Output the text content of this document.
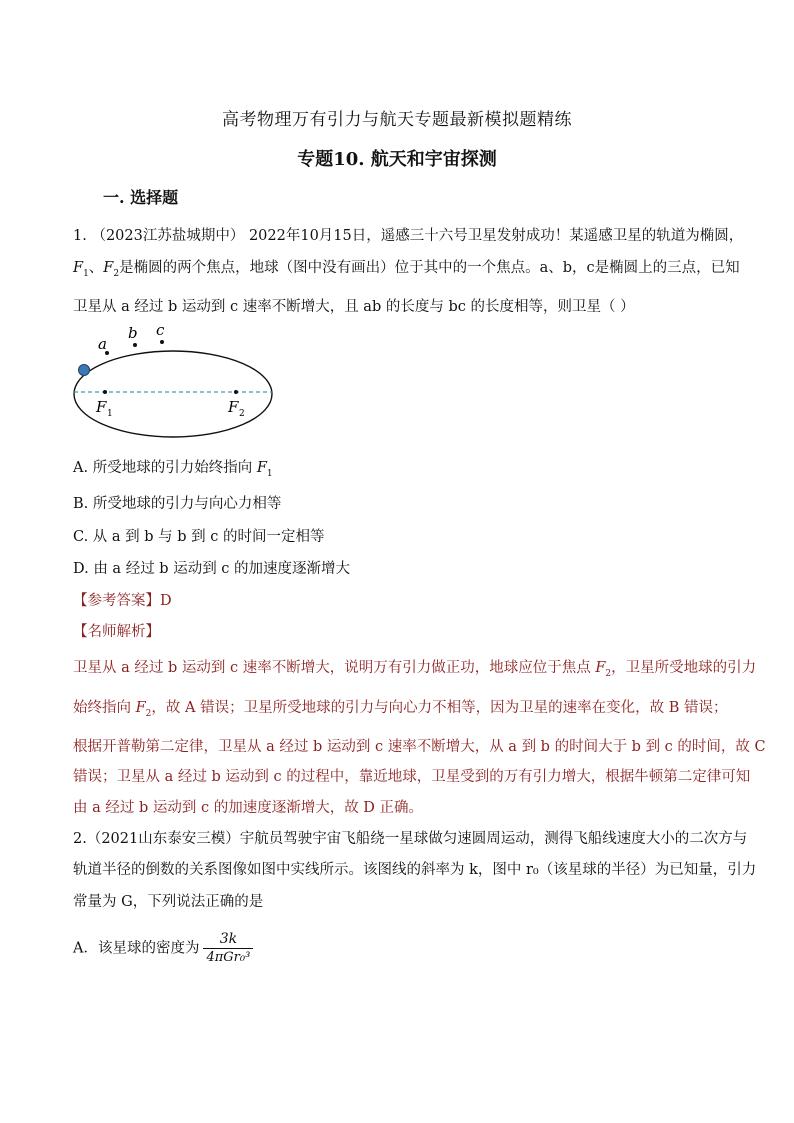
高考物理万有引力与航天专题最新模拟题精练
专题10. 航天和宇宙探测
一. 选择题
1. （2023江苏盐城期中） 2022年10月15日，遥感三十六号卫星发射成功！某遥感卫星的轨道为椭圆，
$F_1$、$F_2$是椭圆的两个焦点，地球（图中没有画出）位于其中的一个焦点。a、b，c是椭圆上的三点，已知
卫星从 a 经过 b 运动到 c 速率不断增大，且 ab 的长度与 bc 的长度相等，则卫星（ ）
a
b c
F 1	F 2
A. 所受地球的引力始终指向 $F_1$
B. 所受地球的引力与向心力相等
C. 从 a 到 b 与 b 到 c 的时间一定相等
D. 由 a 经过 b 运动到 c 的加速度逐渐增大
【参考答案】D
【名师解析】
卫星从 a 经过 b 运动到 c 速率不断增大，说明万有引力做正功，地球应位于焦点 $F_2$，卫星所受地球的引力
始终指向 $F_2$，故 A 错误；卫星所受地球的引力与向心力不相等，因为卫星的速率在变化，故 B 错误；
根据开普勒第二定律，卫星从 a 经过 b 运动到 c 速率不断增大，从 a 到 b 的时间大于 b 到 c 的时间，故 C
错误；卫星从 a 经过 b 运动到 c 的过程中，靠近地球，卫星受到的万有引力增大，根据牛顿第二定律可知
由 a 经过 b 运动到 c 的加速度逐渐增大，故 D 正确。
2.（2021山东泰安三模）宇航员驾驶宇宙飞船绕一星球做匀速圆周运动，测得飞船线速度大小的二次方与
轨道半径的倒数的关系图像如图中实线所示。该图线的斜率为 k，图中 r₀（该星球的半径）为已知量，引力
常量为 G，下列说法正确的是
A．该星球的密度为 $\frac{3k}{\text{4πGr₀³}}$
